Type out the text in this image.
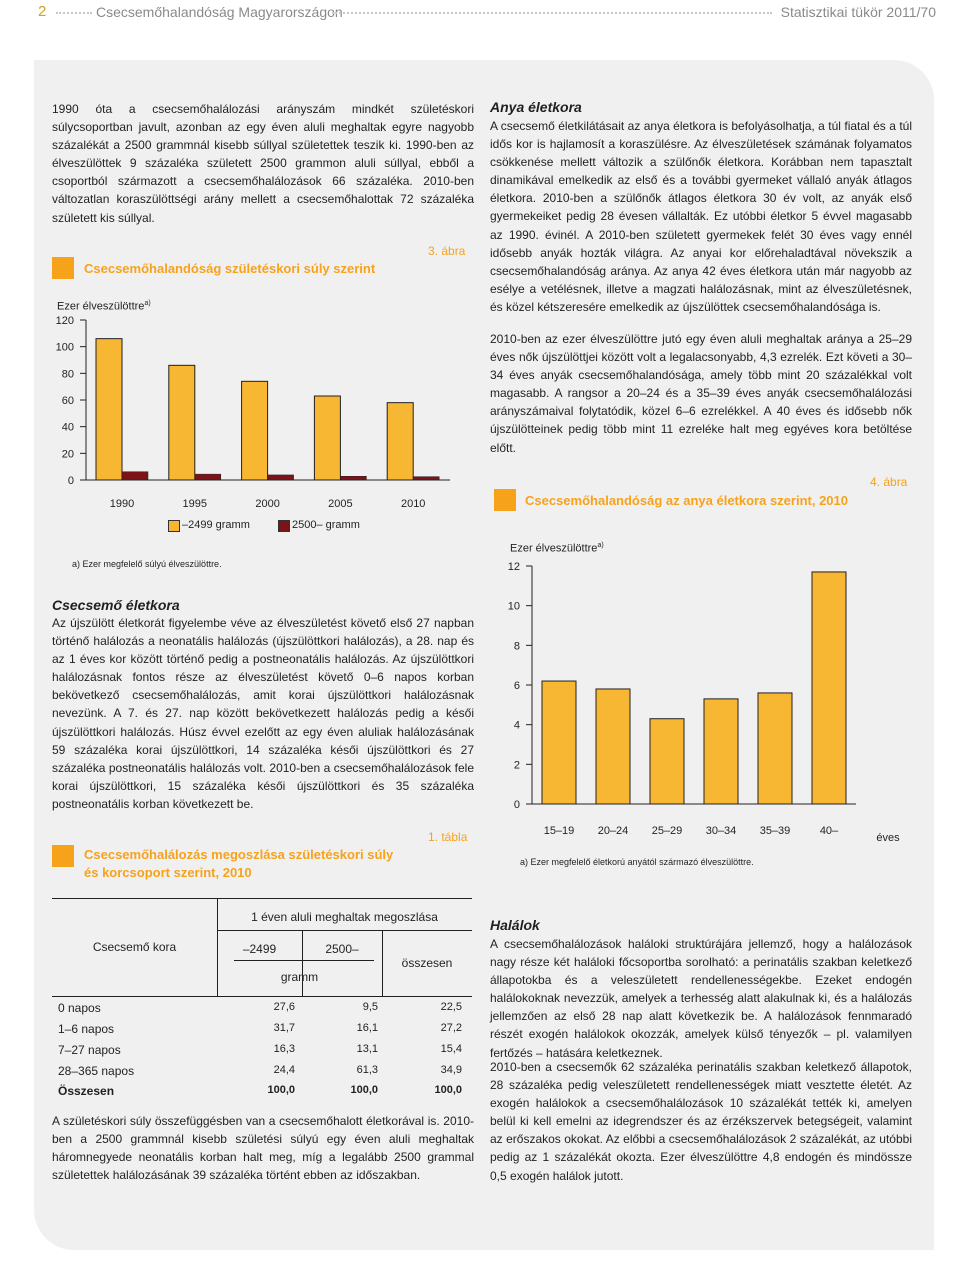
2	Csecsemőhalandóság Magyarországon	Statisztikai tükör 2011/70

1990 óta a csecsemőhalálozási arányszám mindkét születéskori súlycsoportban javult, azonban az egy éven aluli meghaltak egyre nagyobb százalékát a 2500 grammnál kisebb súllyal születettek teszik ki. 1990-ben az élveszülöttek 9 százaléka született 2500 grammon aluli súllyal, ebből a csoportból származott a csecsemőhalálozások 66 százaléka. 2010-ben változatlan koraszülöttségi arány mellett a csecsemőhalottak 72 százaléka született kis súllyal.

3. ábra
Csecsemőhalandóság születéskori súly szerint
Ezer élveszülöttre$^{a)}$
0
20
40
60
80
100
120
1990	1995	2000	2005	2010
–2499 gramm	2500– gramm
a) Ezer megfelelő súlyú élveszülöttre.
Csecsemő életkora

Az újszülött életkorát figyelembe véve az élveszületést követő első 27 napban történő halálozás a neonatális halálozás (újszülöttkori halálozás), a 28. nap és az 1 éves kor között történő pedig a postneonatális halálozás. Az újszülöttkori halálozásnak fontos része az élveszületést követő 0–6 napos korban bekövetkező csecsemőhalálozás, amit korai újszülöttkori halálozásnak nevezünk. A 7. és 27. nap között bekövetkezett halálozás pedig a késői újszülöttkori halálozás. Húsz évvel ezelőtt az egy éven aluliak halálozásának 59 százaléka korai újszülöttkori, 14 százaléka késői újszülöttkori és 27 százaléka postneonatális halálozás volt. 2010-ben a csecsemőhalálozások fele korai újszülöttkori, 15 százaléka késői újszülöttkori és 35 százaléka postneonatális korban következett be.

1. tábla
Csecsemőhalálozás megoszlása születéskori súly és korcsoport szerint, 2010
1 éven aluli meghaltak megoszlása
Csecsemő kora	–2499	2500–
gramm
összesen
0 napos	27,6	9,5	22,5
1–6 napos	31,7	16,1	27,2
7–27 napos	16,3	13,1	15,4
28–365 napos	24,4	61,3	34,9
Összesen	100,0	100,0	100,0

A születéskori súly összefüggésben van a csecsemőhalott életkorával is. 2010-ben a 2500 grammnál kisebb születési súlyú egy éven aluli meghaltak háromnegyede neonatális korban halt meg, míg a legalább 2500 grammal születettek halálozásának 39 százaléka történt ebben az időszakban.

Anya életkora

A csecsemő életkilátásait az anya életkora is befolyásolhatja, a túl fiatal és a túl idős kor is hajlamosít a koraszülésre. Az élveszületések számának folyamatos csökkenése mellett változik a szülőnők életkora. Korábban nem tapasztalt dinamikával emelkedik az első és a további gyermeket vállaló anyák átlagos életkora. 2010-ben a szülőnők átlagos életkora 30 év volt, az anyák első gyermekeiket pedig 28 évesen vállalták. Ez utóbbi életkor 5 évvel magasabb az 1990. évinél. A 2010-ben született gyermekek felét 30 éves vagy ennél idősebb anyák hozták világra. Az anyai kor előrehaladtával növekszik a csecsemőhalandóság aránya. Az anya 42 éves életkora után már nagyobb az esélye a vetélésnek, illetve a magzati halálozásnak, mint az élveszületésnek, és közel kétszeresére emelkedik az újszülöttek csecsemőhalandósága is.

2010-ben az ezer élveszülöttre jutó egy éven aluli meghaltak aránya a 25–29 éves nők újszülöttjei között volt a legalacsonyabb, 4,3 ezrelék. Ezt követi a 30–34 éves anyák csecsemőhalandósága, amely több mint 20 százalékkal volt magasabb. A rangsor a 20–24 és a 35–39 éves anyák csecsemőhalálozási arányszámaival folytatódik, közel 6–6 ezrelékkel. A 40 éves és idősebb nők újszülötteinek pedig több mint 11 ezreléke halt meg egyéves kora betöltése előtt.

4. ábra
Csecsemőhalandóság az anya életkora szerint, 2010
Ezer élveszülöttre$^{a)}$
0
2
4
6
8
10
12
15–19 20–24 25–29 30–34 35–39	40–
éves
a) Ezer megfelelő életkorú anyától származó élveszülöttre.
Halálok

A csecsemőhalálozások haláloki struktúrájára jellemző, hogy a halálozások nagy része két haláloki főcsoportba sorolható: a perinatális szakban keletkező állapotokba és a veleszületett rendellenességekbe. Ezeket endogén halálokoknak nevezzük, amelyek a terhesség alatt alakulnak ki, és a halálozás jellemzően az első 28 nap alatt következik be. A halálozások fennmaradó részét exogén halálokok okozzák, amelyek külső tényezők – pl. valamilyen fertőzés – hatására keletkeznek.

2010-ben a csecsemők 62 százaléka perinatális szakban keletkező állapotok, 28 százaléka pedig veleszületett rendellenességek miatt vesztette életét. Az exogén halálokok a csecsemőhalálozások 10 százalékát tették ki, amelyen belül ki kell emelni az idegrendszer és az érzékszervek betegségeit, valamint az erőszakos okokat. Az előbbi a csecsemőhalálozások 2 százalékát, az utóbbi pedig az 1 százalékát okozta. Ezer élveszülöttre 4,8 endogén és mindössze 0,5 exogén halálok jutott.
